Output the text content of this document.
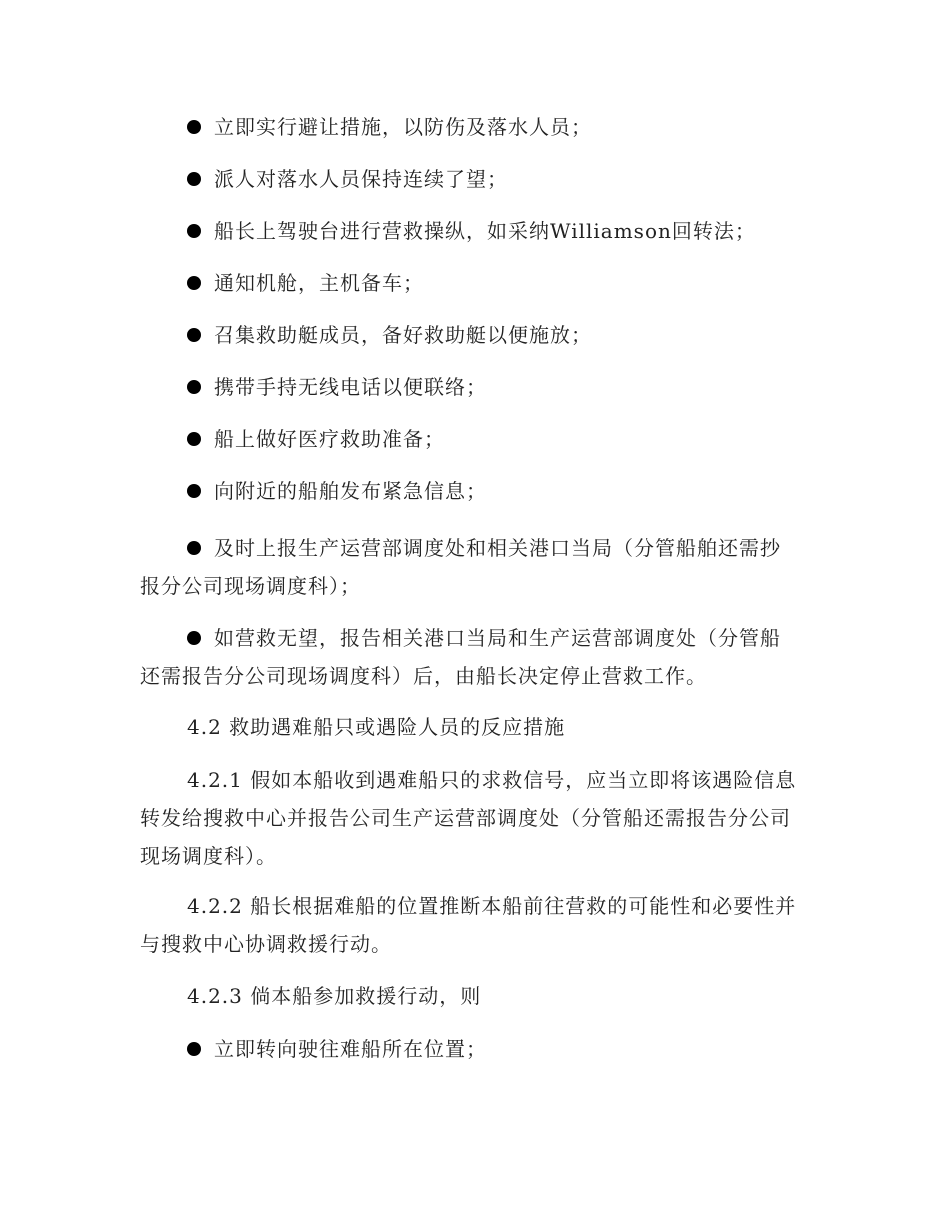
立即实行避让措施，以防伤及落水人员；
派人对落水人员保持连续了望；
船长上驾驶台进行营救操纵，如采纳Williamson回转法；
通知机舱，主机备车；
召集救助艇成员，备好救助艇以便施放；
携带手持无线电话以便联络；
船上做好医疗救助准备；
向附近的船舶发布紧急信息；
及时上报生产运营部调度处和相关港口当局（分管船舶还需抄报分公司现场调度科）；
如营救无望，报告相关港口当局和生产运营部调度处（分管船还需报告分公司现场调度科）后，由船长决定停止营救工作。
4.2 救助遇难船只或遇险人员的反应措施
4.2.1 假如本船收到遇难船只的求救信号，应当立即将该遇险信息转发给搜救中心并报告公司生产运营部调度处（分管船还需报告分公司现场调度科）。
4.2.2 船长根据难船的位置推断本船前往营救的可能性和必要性并与搜救中心协调救援行动。
4.2.3 倘本船参加救援行动，则
立即转向驶往难船所在位置；
